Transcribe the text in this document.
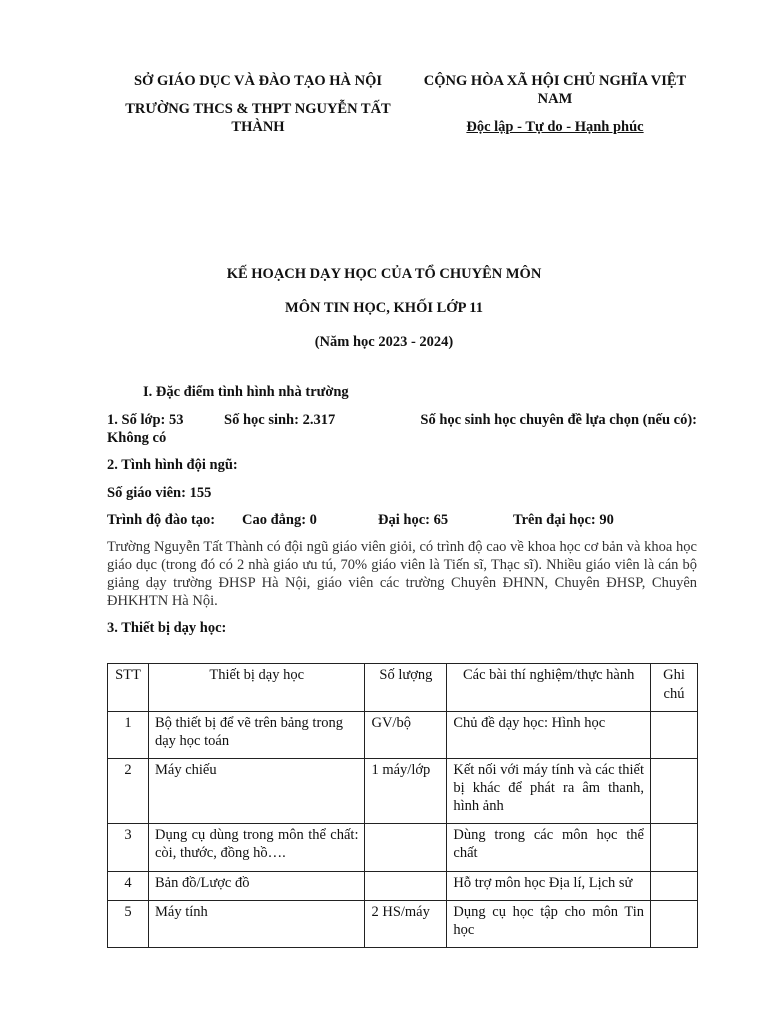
SỞ GIÁO DỤC VÀ ĐÀO TẠO HÀ NỘI
TRƯỜNG THCS & THPT NGUYỄN TẤT THÀNH
CỘNG HÒA XÃ HỘI CHỦ NGHĨA VIỆT NAM
Độc lập - Tự do - Hạnh phúc
KẾ HOẠCH DẠY HỌC CỦA TỔ CHUYÊN MÔN
MÔN TIN HỌC, KHỐI LỚP 11
(Năm học 2023 - 2024)
I. Đặc điểm tình hình nhà trường
1. Số lớp: 53	Số học sinh: 2.317	Số học sinh học chuyên đề lựa chọn (nếu có):
Không có
2. Tình hình đội ngũ:
Số giáo viên: 155
Trình độ đào tạo:	Cao đẳng: 0	Đại học: 65	Trên đại học: 90
Trường Nguyễn Tất Thành có đội ngũ giáo viên giỏi, có trình độ cao về khoa học cơ bản và khoa học giáo dục (trong đó có 2 nhà giáo ưu tú, 70% giáo viên là Tiến sĩ, Thạc sĩ). Nhiều giáo viên là cán bộ giảng dạy trường ĐHSP Hà Nội, giáo viên các trường Chuyên ĐHNN, Chuyên ĐHSP, Chuyên ĐHKHTN Hà Nội.
3. Thiết bị dạy học:
STT	Thiết bị dạy học	Số lượng	Các bài thí nghiệm/thực hành	Ghi chú
1	Bộ thiết bị để vẽ trên bảng trong dạy học toán	GV/bộ	Chủ đề dạy học: Hình học	
2	Máy chiếu	1 máy/lớp	Kết nối với máy tính và các thiết bị khác để phát ra âm thanh, hình ảnh	
3	Dụng cụ dùng trong môn thể chất: còi, thước, đồng hồ….		Dùng trong các môn học thể chất	
4	Bản đồ/Lược đồ		Hỗ trợ môn học Địa lí, Lịch sử	
5	Máy tính	2 HS/máy	Dụng cụ học tập cho môn Tin học	
